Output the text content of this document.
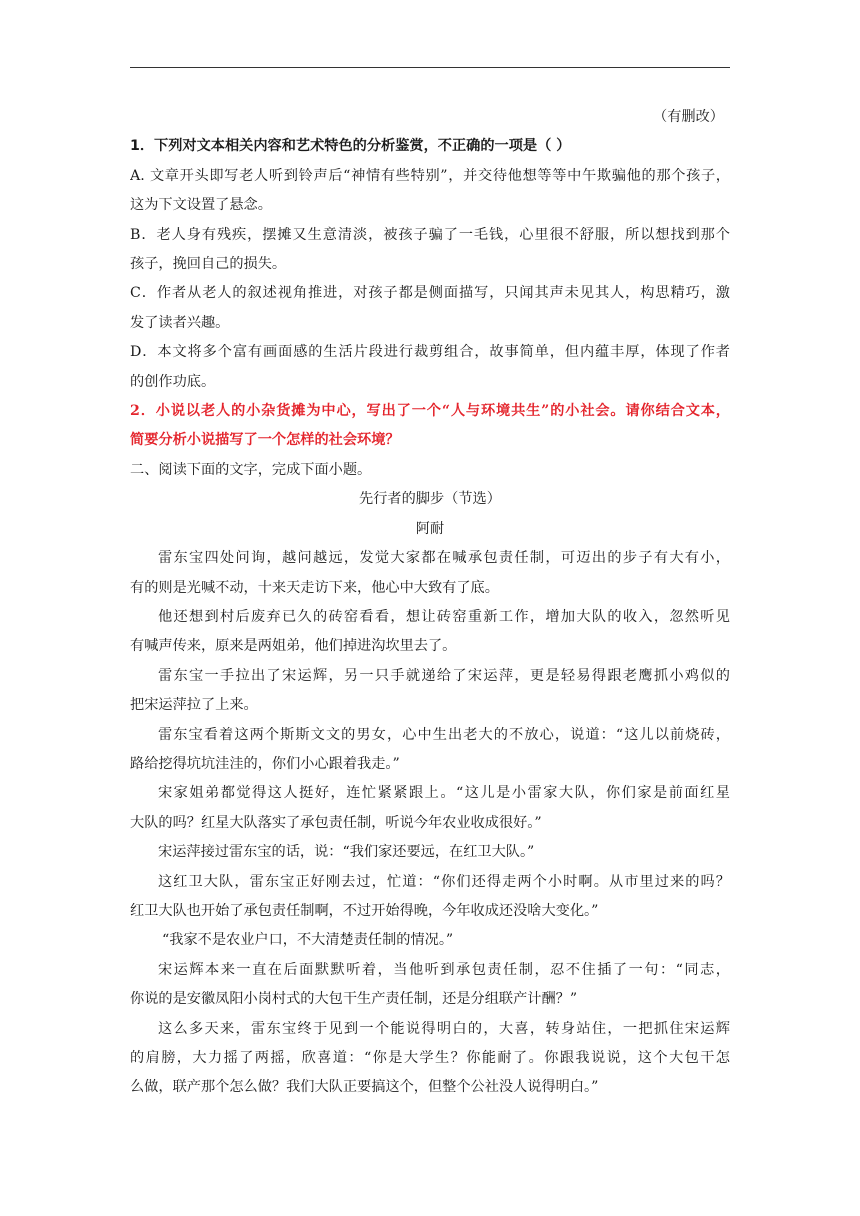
（有删改）
1．下列对文本相关内容和艺术特色的分析鉴赏，不正确的一项是（ ）
A. 文章开头即写老人听到铃声后“神情有些特别”，并交待他想等等中午欺骗他的那个孩子，
这为下文设置了悬念。
B．老人身有残疾，摆摊又生意清淡，被孩子骗了一毛钱，心里很不舒服，所以想找到那个
孩子，挽回自己的损失。
C．作者从老人的叙述视角推进，对孩子都是侧面描写，只闻其声未见其人，构思精巧，激
发了读者兴趣。
D．本文将多个富有画面感的生活片段进行裁剪组合，故事简单，但内蕴丰厚，体现了作者
的创作功底。
2．小说以老人的小杂货摊为中心，写出了一个“人与环境共生”的小社会。请你结合文本，
简要分析小说描写了一个怎样的社会环境？
二、阅读下面的文字，完成下面小题。
先行者的脚步（节选）
阿耐
雷东宝四处问询，越问越远，发觉大家都在喊承包责任制，可迈出的步子有大有小，
有的则是光喊不动，十来天走访下来，他心中大致有了底。
他还想到村后废弃已久的砖窑看看，想让砖窑重新工作，增加大队的收入，忽然听见
有喊声传来，原来是两姐弟，他们掉进沟坎里去了。
雷东宝一手拉出了宋运辉，另一只手就递给了宋运萍，更是轻易得跟老鹰抓小鸡似的
把宋运萍拉了上来。
雷东宝看着这两个斯斯文文的男女，心中生出老大的不放心，说道：“这儿以前烧砖，
路给挖得坑坑洼洼的，你们小心跟着我走。”
宋家姐弟都觉得这人挺好，连忙紧紧跟上。“这儿是小雷家大队，你们家是前面红星
大队的吗？红星大队落实了承包责任制，听说今年农业收成很好。”
宋运萍接过雷东宝的话，说：“我们家还要远，在红卫大队。”
这红卫大队，雷东宝正好刚去过，忙道：“你们还得走两个小时啊。从市里过来的吗？
红卫大队也开始了承包责任制啊，不过开始得晚，今年收成还没啥大变化。”
“我家不是农业户口，不大清楚责任制的情况。”
宋运辉本来一直在后面默默听着，当他听到承包责任制，忍不住插了一句：“同志，
你说的是安徽凤阳小岗村式的大包干生产责任制，还是分组联产计酬？”
这么多天来，雷东宝终于见到一个能说得明白的，大喜，转身站住，一把抓住宋运辉
的肩膀，大力摇了两摇，欣喜道：“你是大学生？你能耐了。你跟我说说，这个大包干怎
么做，联产那个怎么做？我们大队正要搞这个，但整个公社没人说得明白。”
